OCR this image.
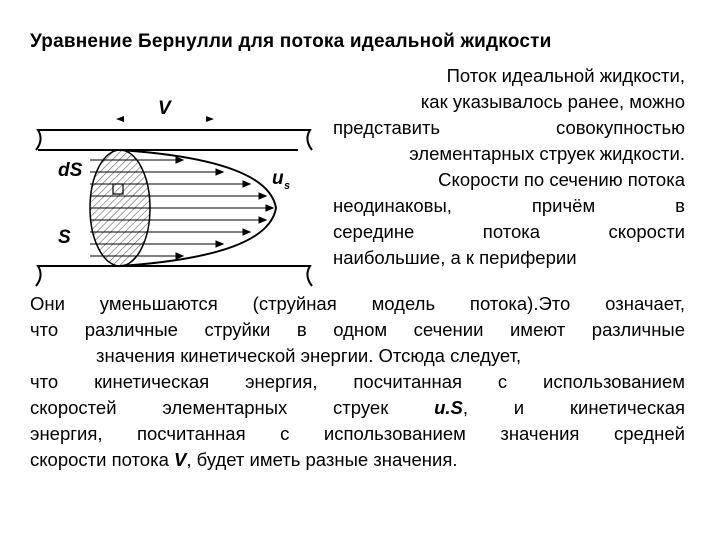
Уравнение Бернулли для потока идеальной жидкости
V
dS	u s
S
Поток идеальной жидкости,
как указывалось ранее, можно
представить совокупностью
элементарных струек жидкости.
Скорости по сечению потока
неодинаковы, причём в
середине потока скорости
наибольшие, а к периферии
Они уменьшаются (струйная модель потока).Это означает,
что различные струйки в одном сечении имеют различные
значения кинетической энергии. Отсюда следует,
что кинетическая энергия, посчитанная с использованием
скоростей элементарных струек u.S, и кинетическая
энергия, посчитанная с использованием значения средней
скорости потока V, будет иметь разные значения.
